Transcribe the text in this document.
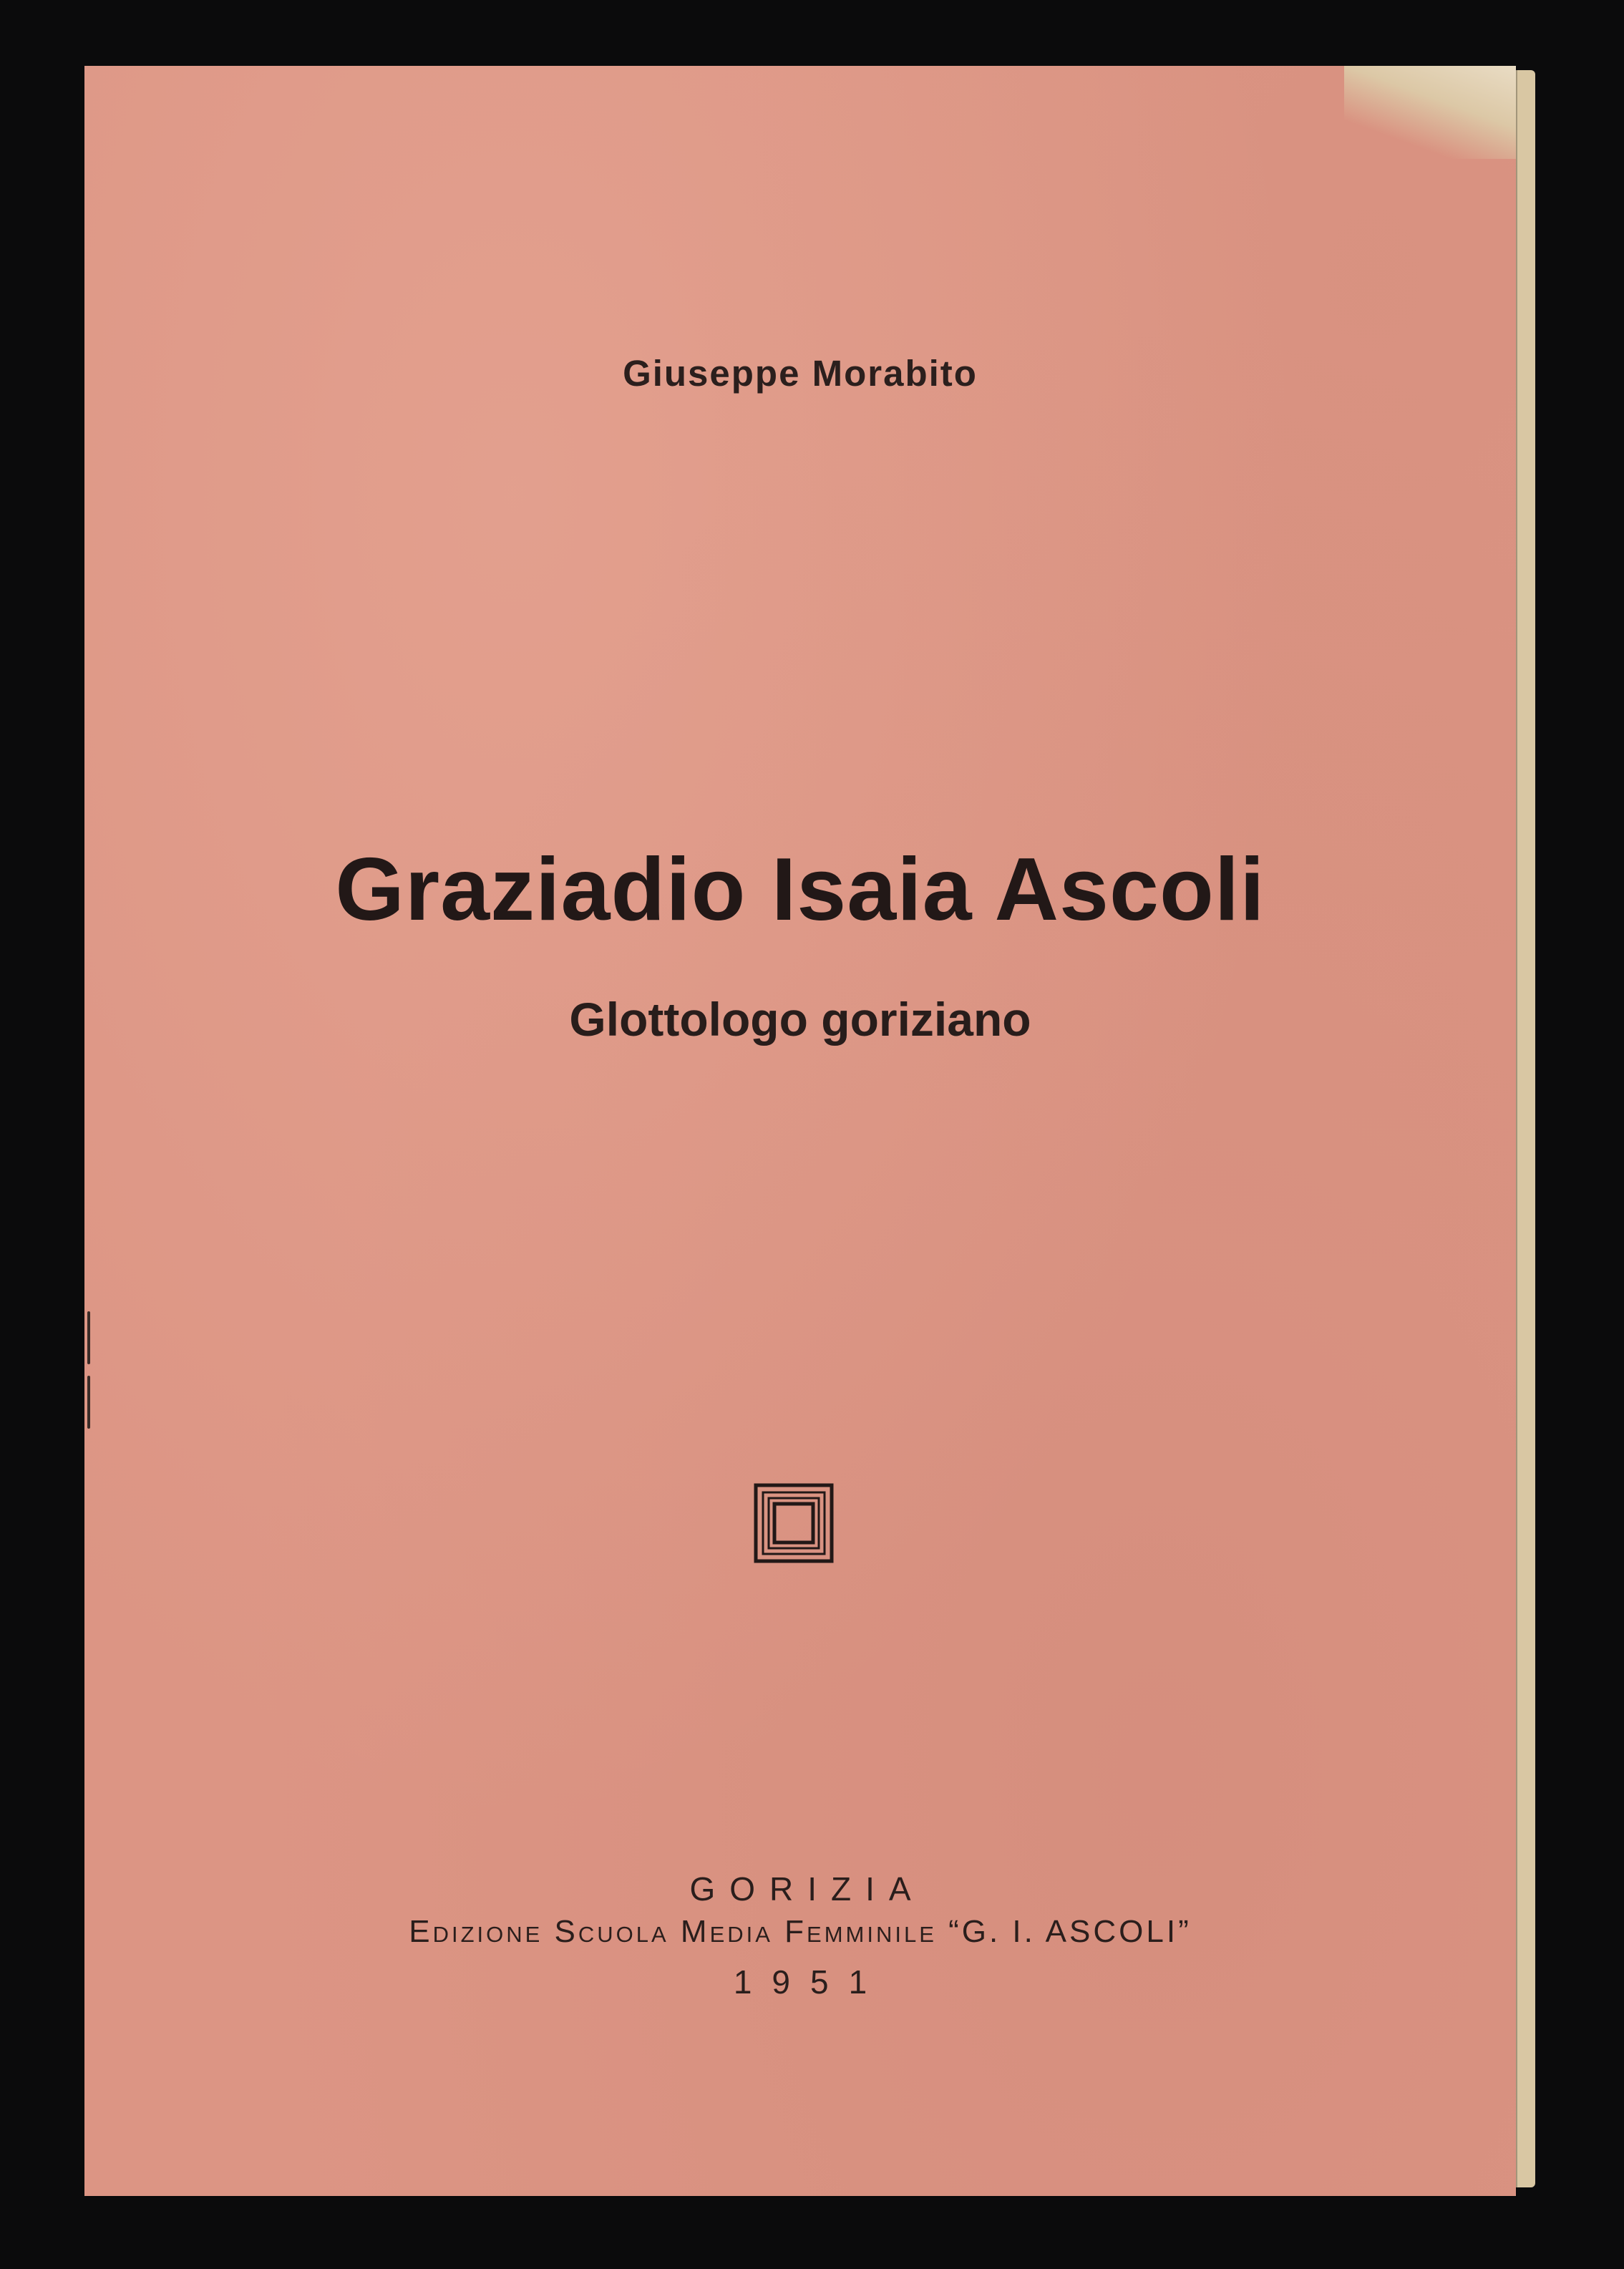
Giuseppe Morabito
Graziadio Isaia Ascoli
Glottologo goriziano
GORIZIA
Edizione Scuola Media Femminile “G. I. ASCOLI”
1951
